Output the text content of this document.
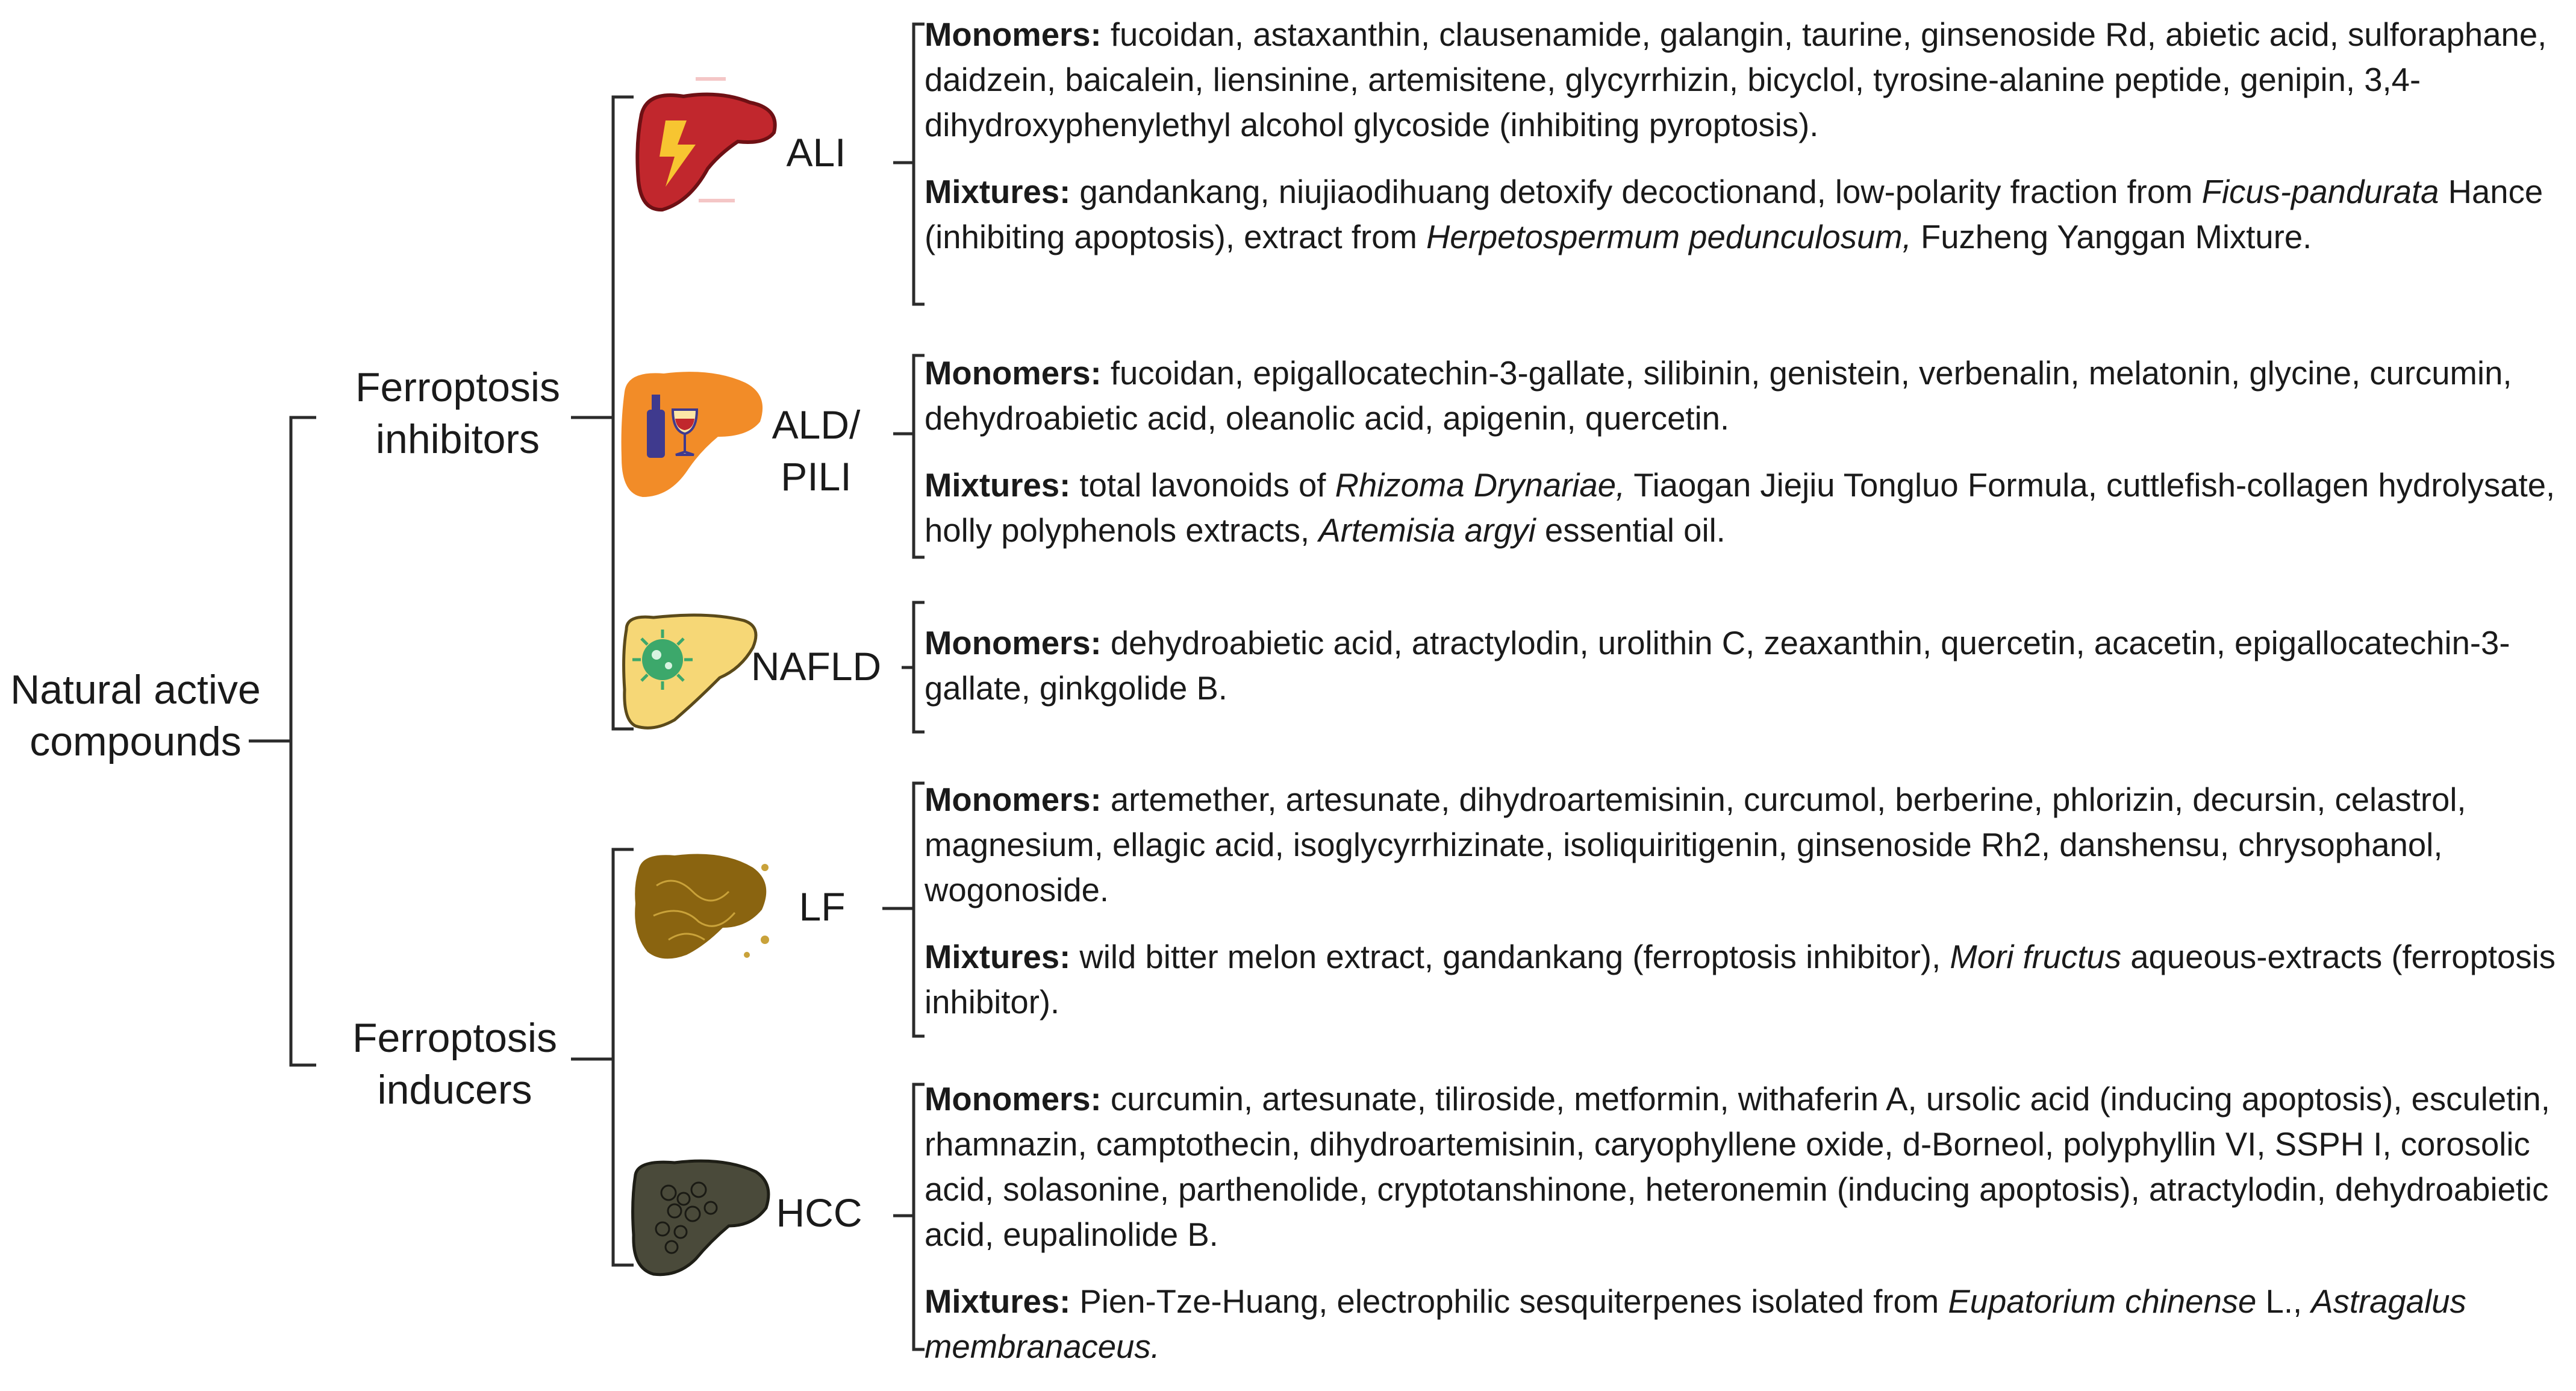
Natural active compounds
Ferroptosis inhibitors
Ferroptosis inducers
ALI
ALD/ PILI
NAFLD
LF
HCC

Monomers: fucoidan, astaxanthin, clausenamide, galangin, taurine, ginsenoside Rd, abietic acid, sulforaphane, daidzein, baicalein, liensinine, artemisitene, glycyrrhizin, bicyclol, tyrosine-alanine peptide, genipin, 3,4-dihydroxyphenylethyl alcohol glycoside (inhibiting pyroptosis).

Mixtures: gandankang, niujiaodihuang detoxify decoctionand, low-polarity fraction from Ficus-pandurata Hance (inhibiting apoptosis), extract from Herpetospermum pedunculosum, Fuzheng Yanggan Mixture.

Monomers: fucoidan, epigallocatechin-3-gallate, silibinin, genistein, verbenalin, melatonin, glycine, curcumin, dehydroabietic acid, oleanolic acid, apigenin, quercetin.

Mixtures: total lavonoids of Rhizoma Drynariae, Tiaogan Jiejiu Tongluo Formula, cuttlefish-collagen hydrolysate, holly polyphenols extracts, Artemisia argyi essential oil.

Monomers: dehydroabietic acid, atractylodin, urolithin C, zeaxanthin, quercetin, acacetin, epigallocatechin-3-gallate, ginkgolide B.

Monomers: artemether, artesunate, dihydroartemisinin, curcumol, berberine, phlorizin, decursin, celastrol, magnesium, ellagic acid, isoglycyrrhizinate, isoliquiritigenin, ginsenoside Rh2, danshensu, chrysophanol, wogonoside.

Mixtures: wild bitter melon extract, gandankang (ferroptosis inhibitor), Mori fructus aqueous-extracts (ferroptosis inhibitor).

Monomers: curcumin, artesunate, tiliroside, metformin, withaferin A, ursolic acid (inducing apoptosis), esculetin, rhamnazin, camptothecin, dihydroartemisinin, caryophyllene oxide, d-Borneol, polyphyllin VI, SSPH I, corosolic acid, solasonine, parthenolide, cryptotanshinone, heteronemin (inducing apoptosis), atractylodin, dehydroabietic acid, eupalinolide B.

Mixtures: Pien-Tze-Huang, electrophilic sesquiterpenes isolated from Eupatorium chinense L., Astragalus membranaceus.
